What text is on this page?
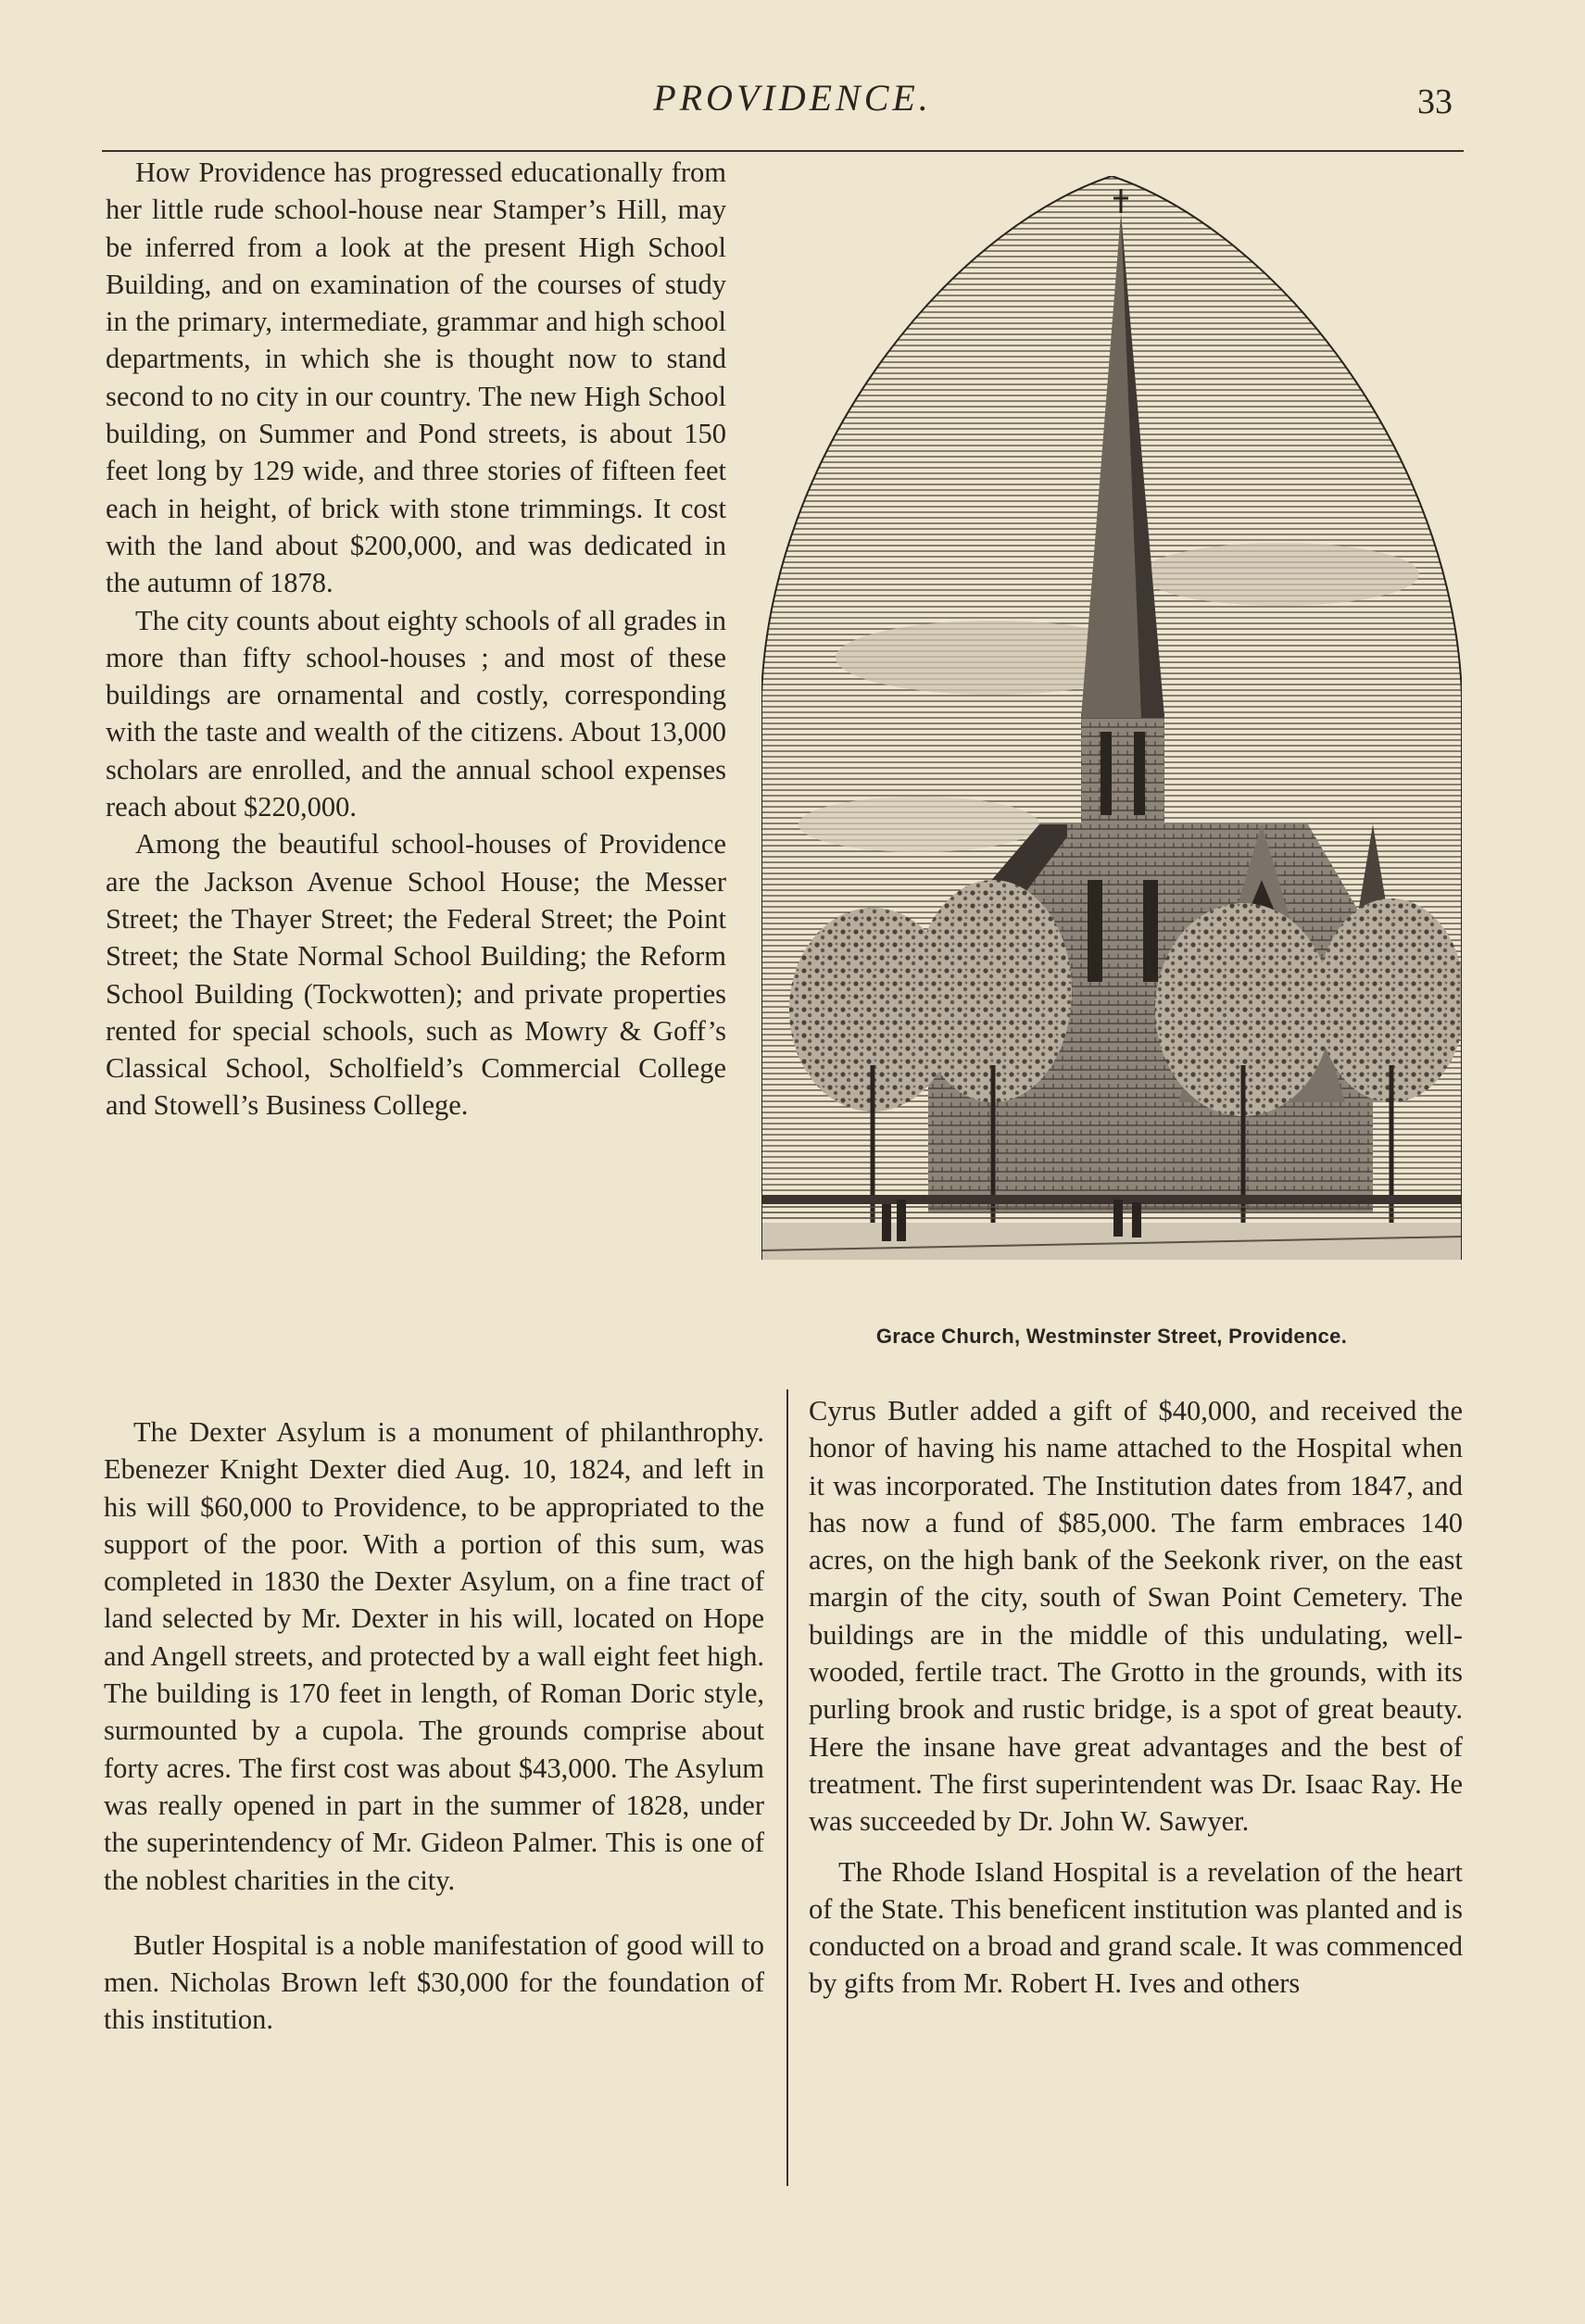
PROVIDENCE.	33

How Providence has progressed educationally from her little rude school-house near Stamper’s Hill, may be inferred from a look at the present High School Building, and on examination of the courses of study in the primary, intermediate, grammar and high school departments, in which she is thought now to stand second to no city in our country. The new High School building, on Summer and Pond streets, is about 150 feet long by 129 wide, and three stories of fifteen feet each in height, of brick with stone trimmings. It cost with the land about $200,000, and was dedicated in the autumn of 1878.

The city counts about eighty schools of all grades in more than fifty school-houses ; and most of these buildings are ornamental and costly, corresponding with the taste and wealth of the citizens. About 13,000 scholars are enrolled, and the annual school expenses reach about $220,000.

Among the beautiful school-houses of Providence are the Jackson Avenue School House; the Messer Street; the Thayer Street; the Federal Street; the Point Street; the State Normal School Building; the Reform School Building (Tockwotten); and private properties rented for special schools, such as Mowry & Goff’s Classical School, Scholfield’s Commercial College and Stowell’s Business College.

The Dexter Asylum is a monument of philanthrophy. Ebenezer Knight Dexter died Aug. 10, 1824, and left in his will $60,000 to Providence, to be appropriated to the support of the poor. With a portion of this sum, was completed in 1830 the Dexter Asylum, on a fine tract of land selected by Mr. Dexter in his will, located on Hope and Angell streets, and protected by a wall eight feet high. The building is 170 feet in length, of Roman Doric style, surmounted by a cupola. The grounds comprise about forty acres. The first cost was about $43,000. The Asylum was really opened in part in the summer of 1828, under the superintendency of Mr. Gideon Palmer. This is one of the noblest charities in the city.

Butler Hospital is a noble manifestation of good will to men. Nicholas Brown left $30,000 for the foundation of this institution.

Cyrus Butler added a gift of $40,000, and received the honor of having his name attached to the Hospital when it was incorporated. The Institution dates from 1847, and has now a fund of $85,000. The farm embraces 140 acres, on the high bank of the Seekonk river, on the east margin of the city, south of Swan Point Cemetery. The buildings are in the middle of this undulating, well-wooded, fertile tract. The Grotto in the grounds, with its purling brook and rustic bridge, is a spot of great beauty. Here the insane have great advantages and the best of treatment. The first superintendent was Dr. Isaac Ray. He was succeeded by Dr. John W. Sawyer.

The Rhode Island Hospital is a revelation of the heart of the State. This beneficent institution was planted and is conducted on a broad and grand scale. It was commenced by gifts from Mr. Robert H. Ives and others

Grace Church, Westminster Street, Providence.
